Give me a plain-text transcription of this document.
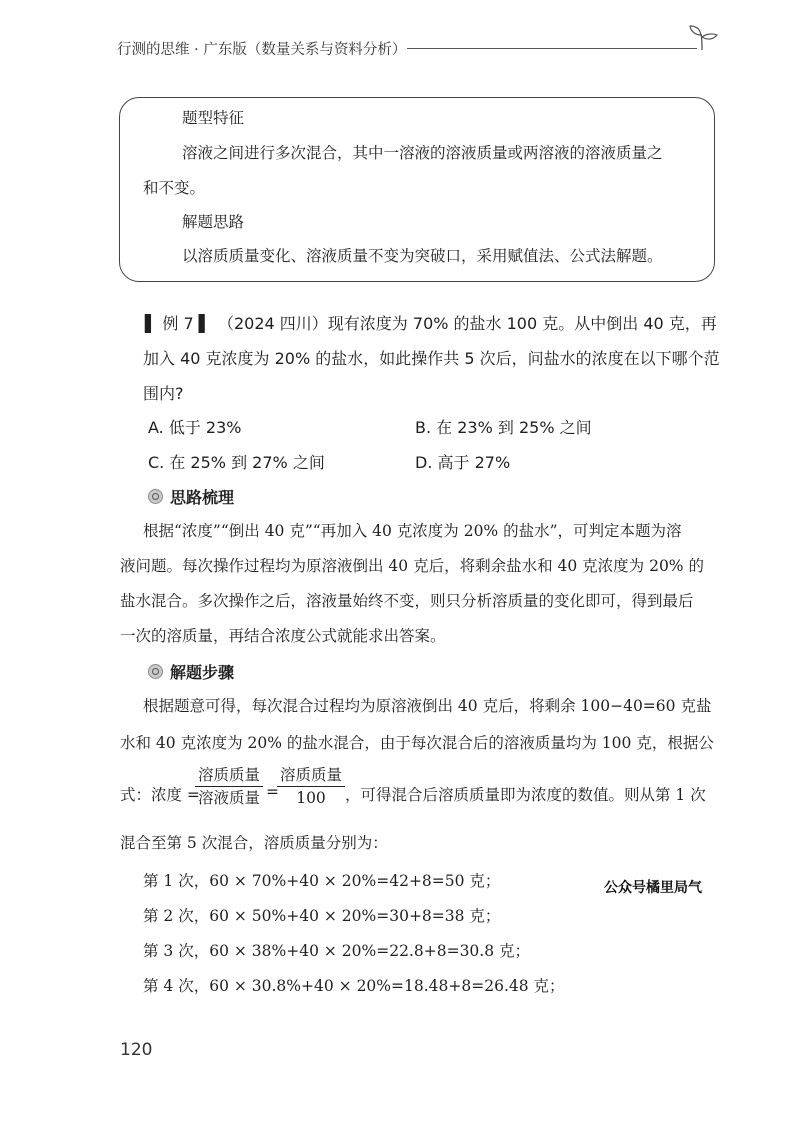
行测的思维 · 广东版（数量关系与资料分析）
题型特征
溶液之间进行多次混合，其中一溶液的溶液质量或两溶液的溶液质量之
和不变。
解题思路
以溶质质量变化、溶液质量不变为突破口，采用赋值法、公式法解题。
▌ 例 7 ▌ （2024 四川）现有浓度为 70% 的盐水 100 克。从中倒出 40 克，再
加入 40 克浓度为 20% 的盐水，如此操作共 5 次后，问盐水的浓度在以下哪个范
围内?
A. 低于 23%	B. 在 23% 到 25% 之间
C. 在 25% 到 27% 之间	D. 高于 27%
思路梳理
根据“浓度”“倒出 40 克”“再加入 40 克浓度为 20% 的盐水”，可判定本题为溶
液问题。每次操作过程均为原溶液倒出 40 克后，将剩余盐水和 40 克浓度为 20% 的
盐水混合。多次操作之后，溶液量始终不变，则只分析溶质量的变化即可，得到最后
一次的溶质量，再结合浓度公式就能求出答案。
解题步骤
根据题意可得，每次混合过程均为原溶液倒出 40 克后，将剩余 100−40=60 克盐
水和 40 克浓度为 20% 的盐水混合，由于每次混合后的溶液质量均为 100 克，根据公
式：浓度 =
溶质质量
溶液质量 =
溶质质量
100	，可得混合后溶质质量即为浓度的数值。则从第 1 次
混合至第 5 次混合，溶质质量分别为：
第 1 次，60 × 70%+40 × 20%=42+8=50 克；
第 2 次，60 × 50%+40 × 20%=30+8=38 克；
第 3 次，60 × 38%+40 × 20%=22.8+8=30.8 克；
第 4 次，60 × 30.8%+40 × 20%=18.48+8=26.48 克；
公众号橘里局气
120
